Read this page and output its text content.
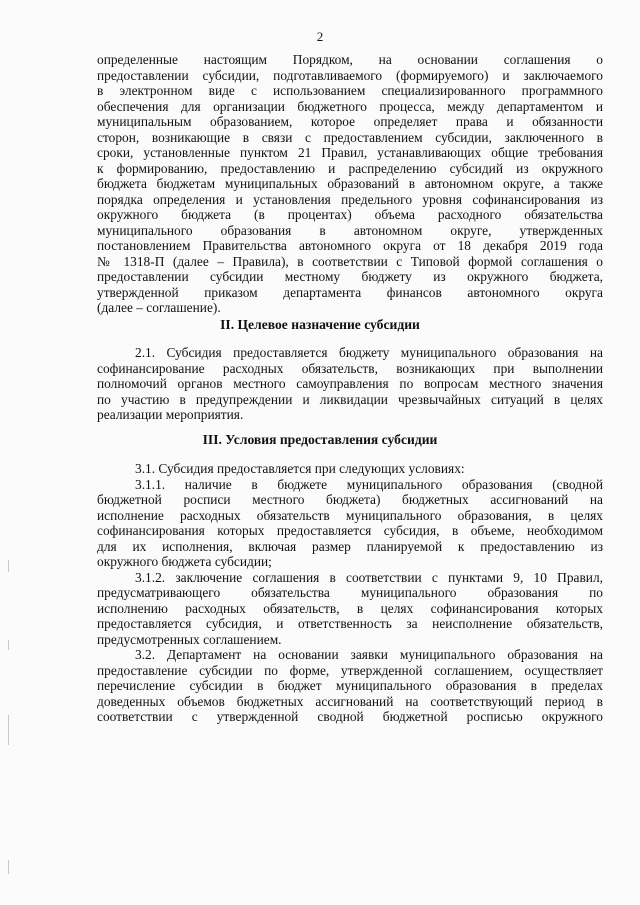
2
определенные настоящим Порядком, на основании соглашения о
предоставлении субсидии, подготавливаемого (формируемого) и заключаемого
в электронном виде с использованием специализированного программного
обеспечения для организации бюджетного процесса, между департаментом и
муниципальным образованием, которое определяет права и обязанности
сторон, возникающие в связи с предоставлением субсидии, заключенного в
сроки, установленные пунктом 21 Правил, устанавливающих общие требования
к формированию, предоставлению и распределению субсидий из окружного
бюджета бюджетам муниципальных образований в автономном округе, а также
порядка определения и установления предельного уровня софинансирования из
окружного бюджета (в процентах) объема расходного обязательства
муниципального образования в автономном округе, утвержденных
постановлением Правительства автономного округа от 18 декабря 2019 года
№ 1318-П (далее – Правила), в соответствии с Типовой формой соглашения о
предоставлении субсидии местному бюджету из окружного бюджета,
утвержденной приказом департамента финансов автономного округа
(далее – соглашение).
II. Целевое назначение субсидии
2.1. Субсидия предоставляется бюджету муниципального образования на
софинансирование расходных обязательств, возникающих при выполнении
полномочий органов местного самоуправления по вопросам местного значения
по участию в предупреждении и ликвидации чрезвычайных ситуаций в целях
реализации мероприятия.
III. Условия предоставления субсидии
3.1. Субсидия предоставляется при следующих условиях:
3.1.1. наличие в бюджете муниципального образования (сводной
бюджетной росписи местного бюджета) бюджетных ассигнований на
исполнение расходных обязательств муниципального образования, в целях
софинансирования которых предоставляется субсидия, в объеме, необходимом
для их исполнения, включая размер планируемой к предоставлению из
окружного бюджета субсидии;
3.1.2. заключение соглашения в соответствии с пунктами 9, 10 Правил,
предусматривающего обязательства муниципального образования по
исполнению расходных обязательств, в целях софинансирования которых
предоставляется субсидия, и ответственность за неисполнение обязательств,
предусмотренных соглашением.
3.2. Департамент на основании заявки муниципального образования на
предоставление субсидии по форме, утвержденной соглашением, осуществляет
перечисление субсидии в бюджет муниципального образования в пределах
доведенных объемов бюджетных ассигнований на соответствующий период в
соответствии с утвержденной сводной бюджетной росписью окружного
